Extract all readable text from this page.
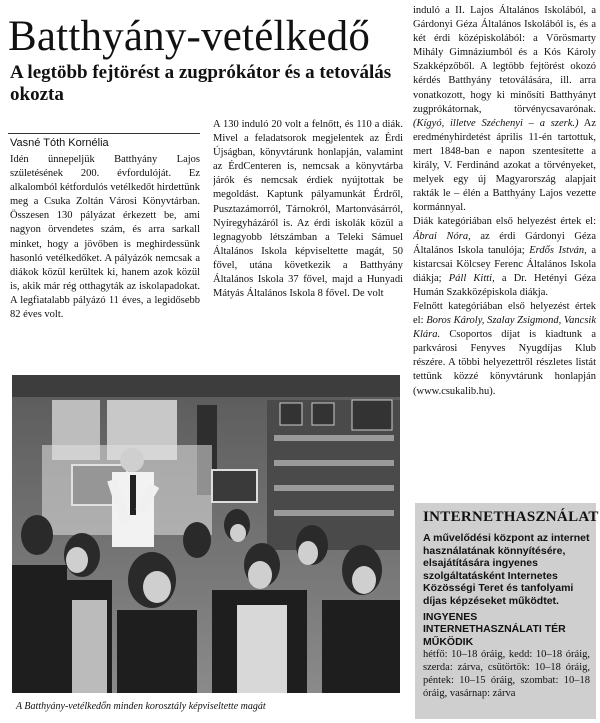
Batthyány-vetélkedő
A legtöbb fejtörést a zugprókátor és a tetoválás okozta
Vasné Tóth Kornélia

Idén ünnepeljük Batthyány Lajos születésének 200. évfordulóját. Ez alkalomból kétfordulós vetélkedőt hirdettünk meg a Csuka Zoltán Városi Könyvtárban. Összesen 130 pályázat érkezett be, ami nagyon örvendetes szám, és arra sarkall minket, hogy a jövőben is meghirdessünk hasonló vetélkedőket. A pályázók nemcsak a diákok közül kerültek ki, hanem azok közül is, akik már rég otthagyták az iskolapadokat. A legfiatalabb pályázó 11 éves, a legidősebb 82 éves volt.

A 130 induló 20 volt a felnőtt, és 110 a diák. Mivel a feladatsorok megjelentek az Érdi Újságban, könyvtárunk honlapján, valamint az ÉrdCenteren is, nemcsak a könyvtárba járók és nemcsak érdiek nyújtottak be megoldást. Kaptunk pályamunkát Érdről, Pusztazámorról, Tárnokról, Martonvásárról, Nyíregyházáról is. Az érdi iskolák közül a legnagyobb létszámban a Teleki Sámuel Általános Iskola képviseltette magát, 50 fővel, utána következik a Batthyány Általános Iskola 37 fővel, majd a Hunyadi Mátyás Általános Iskola 8 fővel. De volt

induló a II. Lajos Általános Iskolából, a Gárdonyi Géza Általános Iskolából is, és a két érdi középiskolából: a Vörösmarty Mihály Gimnáziumból és a Kós Károly Szakképzőből. A legtöbb fejtörést okozó kérdés Batthyány tetoválására, ill. arra vonatkozott, hogy ki minősíti Batthyányt zugprókátornak, törvénycsavarónak. (Kígyó, illetve Széchenyi – a szerk.) Az eredményhirdetést április 11-én tartottuk, mert 1848-ban e napon szentesítette a király, V. Ferdinánd azokat a törvényeket, melyek egy új Magyarország alapjait rakták le – élén a Batthyány Lajos vezette kormánnyal.

Diák kategóriában első helyezést értek el: Ábrai Nóra, az érdi Gárdonyi Géza Általános Iskola tanulója; Erdős István, a kistarcsai Kölcsey Ferenc Általános Iskola diákja; Páll Kitti, a Dr. Hetényi Géza Humán Szakközépiskola diákja.

Felnőtt kategóriában első helyezést értek el: Boros Károly, Szalay Zsigmond, Vancsik Klára. Csoportos díjat is kiadtunk a parkvárosi Fenyves Nyugdíjas Klub részére. A többi helyezettről részletes listát tettünk közzé könyvtárunk honlapján (www.csukalib.hu).

A Batthyány-vetélkedőn minden korosztály képviseltette magát
INTERNETHASZNÁLAT
A művelődési központ az internet használatának könnyítésére, elsajátítására ingyenes szolgáltatásként Internetes Közösségi Teret és tanfolyami díjas képzéseket működtet.
INGYENES INTERNETHASZNÁLATI TÉR MŰKÖDIK
hétfő: 10–18 óráig, kedd: 10–18 óráig, szerda: zárva, csütörtök: 10–18 óráig, péntek: 10–15 óráig, szombat: 10–18 óráig, vasárnap: zárva
